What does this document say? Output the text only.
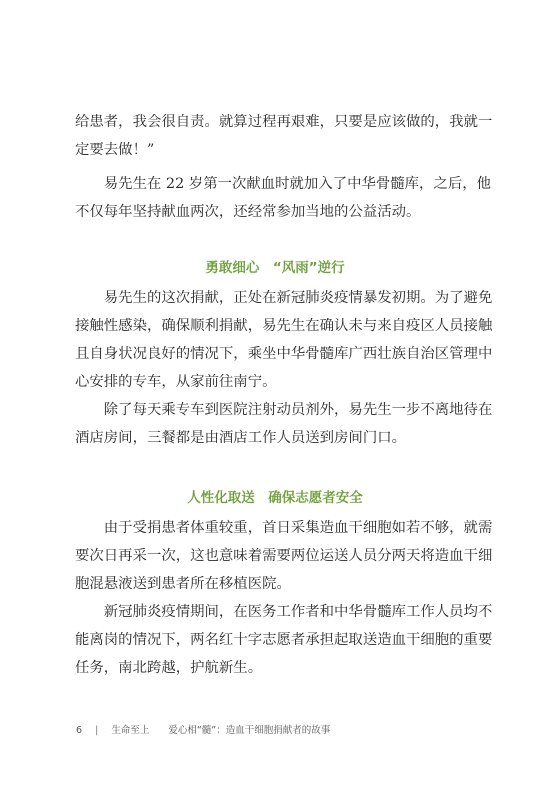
给患者，我会很自责。就算过程再艰难，只要是应该做的，我就一
定要去做！”
　　易先生在 22 岁第一次献血时就加入了中华骨髓库，之后，他
不仅每年坚持献血两次，还经常参加当地的公益活动。
勇敢细心　“风雨”逆行
　　易先生的这次捐献，正处在新冠肺炎疫情暴发初期。为了避免
接触性感染，确保顺利捐献，易先生在确认未与来自疫区人员接触
且自身状况良好的情况下，乘坐中华骨髓库广西壮族自治区管理中
心安排的专车，从家前往南宁。
　　除了每天乘专车到医院注射动员剂外，易先生一步不离地待在
酒店房间，三餐都是由酒店工作人员送到房间门口。
人性化取送　确保志愿者安全
　　由于受捐患者体重较重，首日采集造血干细胞如若不够，就需
要次日再采一次，这也意味着需要两位运送人员分两天将造血干细
胞混悬液送到患者所在移植医院。
　　新冠肺炎疫情期间，在医务工作者和中华骨髓库工作人员均不
能离岗的情况下，两名红十字志愿者承担起取送造血干细胞的重要
任务，南北跨越，护航新生。
6 | 生命至上 爱心相“髓”：造血干细胞捐献者的故事
